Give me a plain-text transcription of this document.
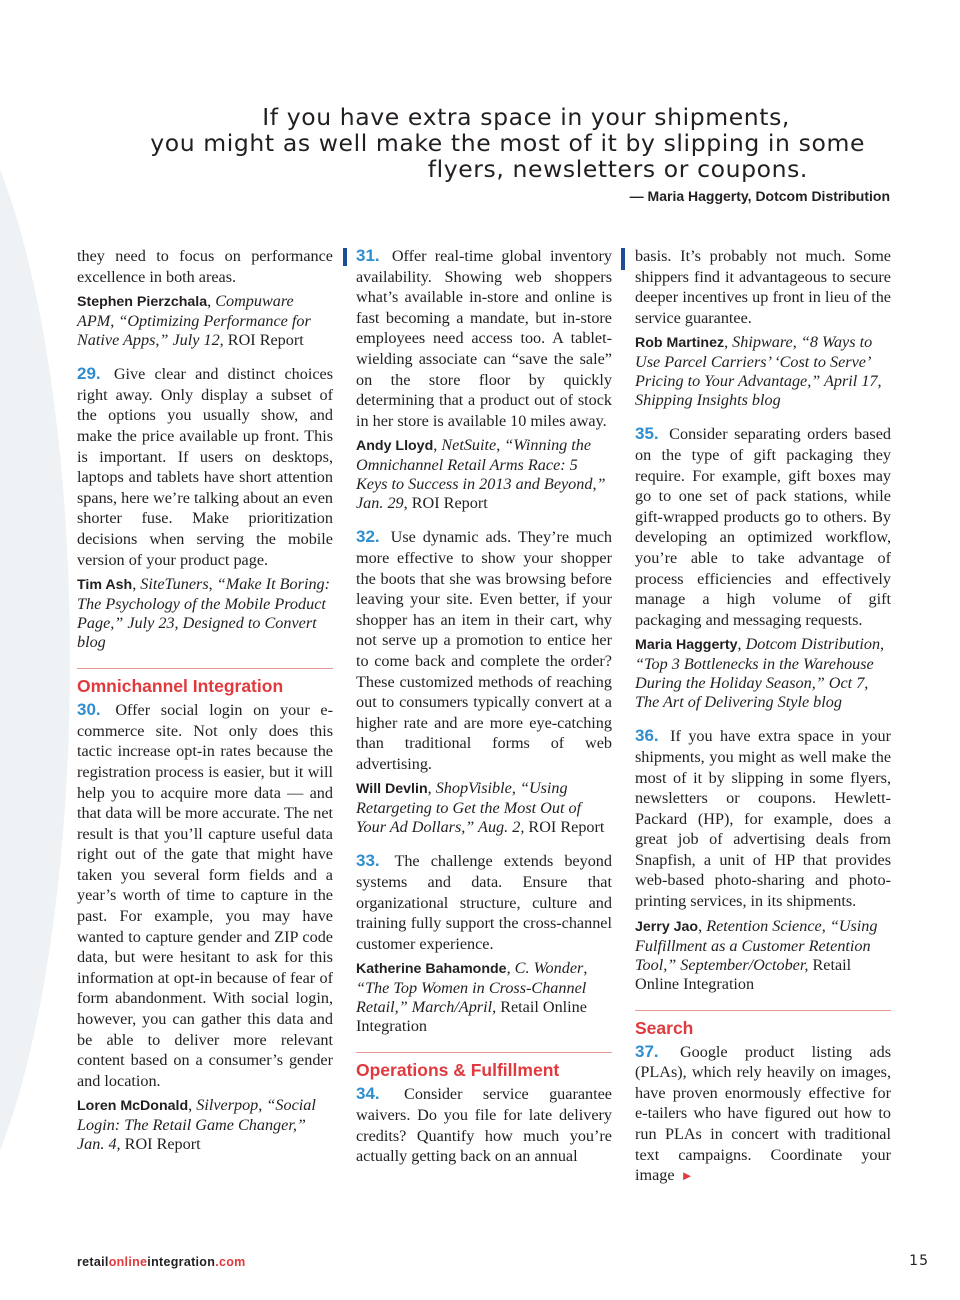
If you have extra space in your shipments,
you might as well make the most of it by slipping in some
flyers, newsletters or coupons.
— Maria Haggerty, Dotcom Distribution

they need to focus on performance excellence in both areas.

Stephen Pierzchala, Compuware APM, “Optimizing Performance for Native Apps,” July 12, ROI Report

29. Give clear and distinct choices right away. Only display a subset of the options you usually show, and make the price available up front. This is important. If users on desktops, laptops and tablets have short attention spans, here we’re talking about an even shorter fuse. Make prioritization decisions when serving the mobile version of your product page.

Tim Ash, SiteTuners, “Make It Boring: The Psychology of the Mobile Product Page,” July 23, Designed to Convert blog

Omnichannel Integration

30. Offer social login on your e-commerce site. Not only does this tactic increase opt-in rates because the registration process is easier, but it will help you to acquire more data — and that data will be more accurate. The net result is that you’ll capture useful data right out of the gate that might have taken you several form fields and a year’s worth of time to capture in the past. For example, you may have wanted to capture gender and ZIP code data, but were hesitant to ask for this information at opt-in because of fear of form abandonment. With social login, however, you can gather this data and be able to deliver more relevant content based on a consumer’s gender and location.

Loren McDonald, Silverpop, “Social Login: The Retail Game Changer,” Jan. 4, ROI Report

31. Offer real-time global inventory availability. Showing web shoppers what’s available in-store and online is fast becoming a mandate, but in-store employees need access too. A tablet-wielding associate can “save the sale” on the store floor by quickly determining that a product out of stock in her store is available 10 miles away.

Andy Lloyd, NetSuite, “Winning the Omnichannel Retail Arms Race: 5 Keys to Success in 2013 and Beyond,” Jan. 29, ROI Report

32. Use dynamic ads. They’re much more effective to show your shopper the boots that she was browsing before leaving your site. Even better, if your shopper has an item in their cart, why not serve up a promotion to entice her to come back and complete the order? These customized methods of reaching out to consumers typically convert at a higher rate and are more eye-catching than traditional forms of web advertising.

Will Devlin, ShopVisible, “Using Retargeting to Get the Most Out of Your Ad Dollars,” Aug. 2, ROI Report

33. The challenge extends beyond systems and data. Ensure that organizational structure, culture and training fully support the cross-channel customer experience.

Katherine Bahamonde, C. Wonder, “The Top Women in Cross-Channel Retail,” March/April, Retail Online Integration

Operations & Fulfillment

34. Consider service guarantee waivers. Do you file for late delivery credits? Quantify how much you’re actually getting back on an annual

basis. It’s probably not much. Some shippers find it advantageous to secure deeper incentives up front in lieu of the service guarantee.

Rob Martinez, Shipware, “8 Ways to Use Parcel Carriers’ ‘Cost to Serve’ Pricing to Your Advantage,” April 17, Shipping Insights blog

35. Consider separating orders based on the type of gift packaging they require. For example, gift boxes may go to one set of pack stations, while gift-wrapped products go to others. By developing an optimized workflow, you’re able to take advantage of process efficiencies and effectively manage a high volume of gift packaging and messaging requests.

Maria Haggerty, Dotcom Distribution, “Top 3 Bottlenecks in the Warehouse During the Holiday Season,” Oct 7, The Art of Delivering Style blog

36. If you have extra space in your shipments, you might as well make the most of it by slipping in some flyers, newsletters or coupons. Hewlett-Packard (HP), for example, does a great job of advertising deals from Snapfish, a unit of HP that provides web-based photo-sharing and photo-printing services, in its shipments.

Jerry Jao, Retention Science, “Using Fulfillment as a Customer Retention Tool,” September/October, Retail Online Integration

Search

37. Google product listing ads (PLAs), which rely heavily on images, have proven enormously effective for e-tailers who have figured out how to run PLAs in concert with traditional text campaigns. Coordinate your image ►

retailonlineintegration.com	15
